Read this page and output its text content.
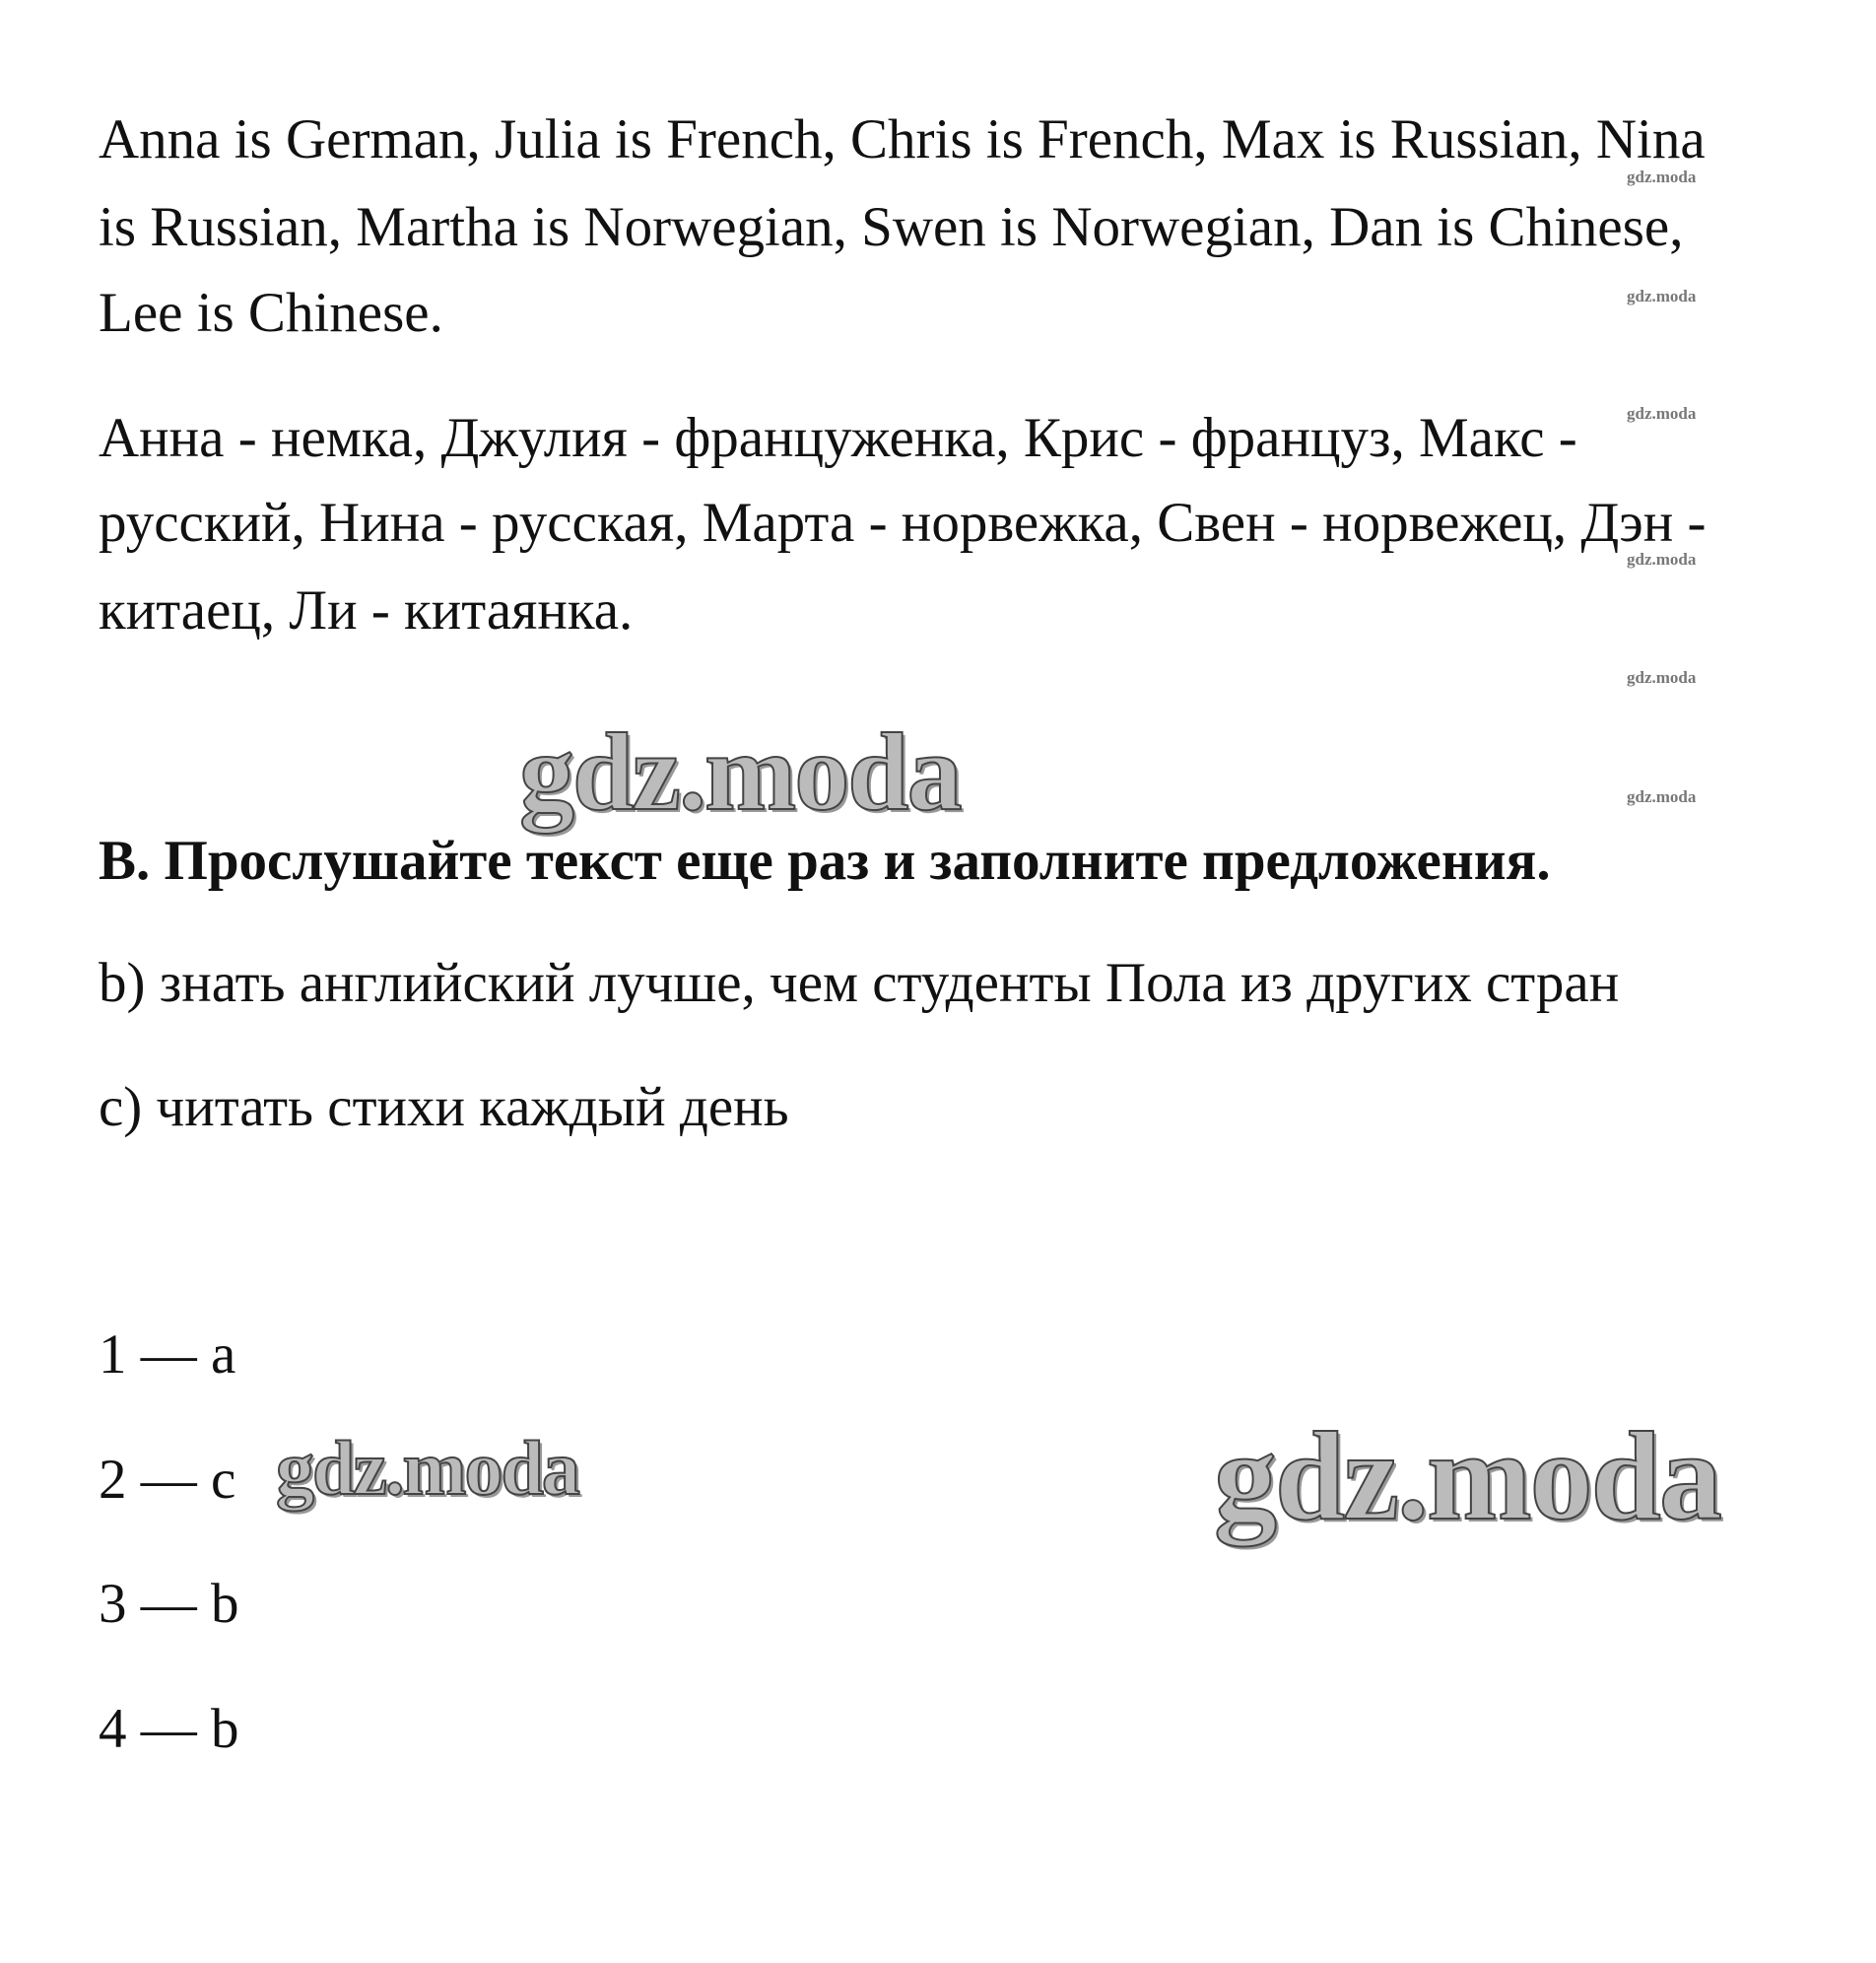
Anna is German, Julia is French, Chris is French, Max is Russian, Nina
is Russian, Martha is Norwegian, Swen is Norwegian, Dan is Chinese,
Lee is Chinese.
Анна - немка, Джулия - француженка, Крис - француз, Макс -
русский, Нина - русская, Марта - норвежка, Свен - норвежец, Дэн -
китаец, Ли - китаянка.
B. Прослушайте текст еще раз и заполните предложения.
b) знать английский лучше, чем студенты Пола из других стран
c) читать стихи каждый день
1 — a
2 — c
3 — b
4 — b
gdz.moda
gdz.moda
gdz.moda
gdz.moda
gdz.moda
gdz.moda
gdz.moda
gdz.moda	gdz.moda
